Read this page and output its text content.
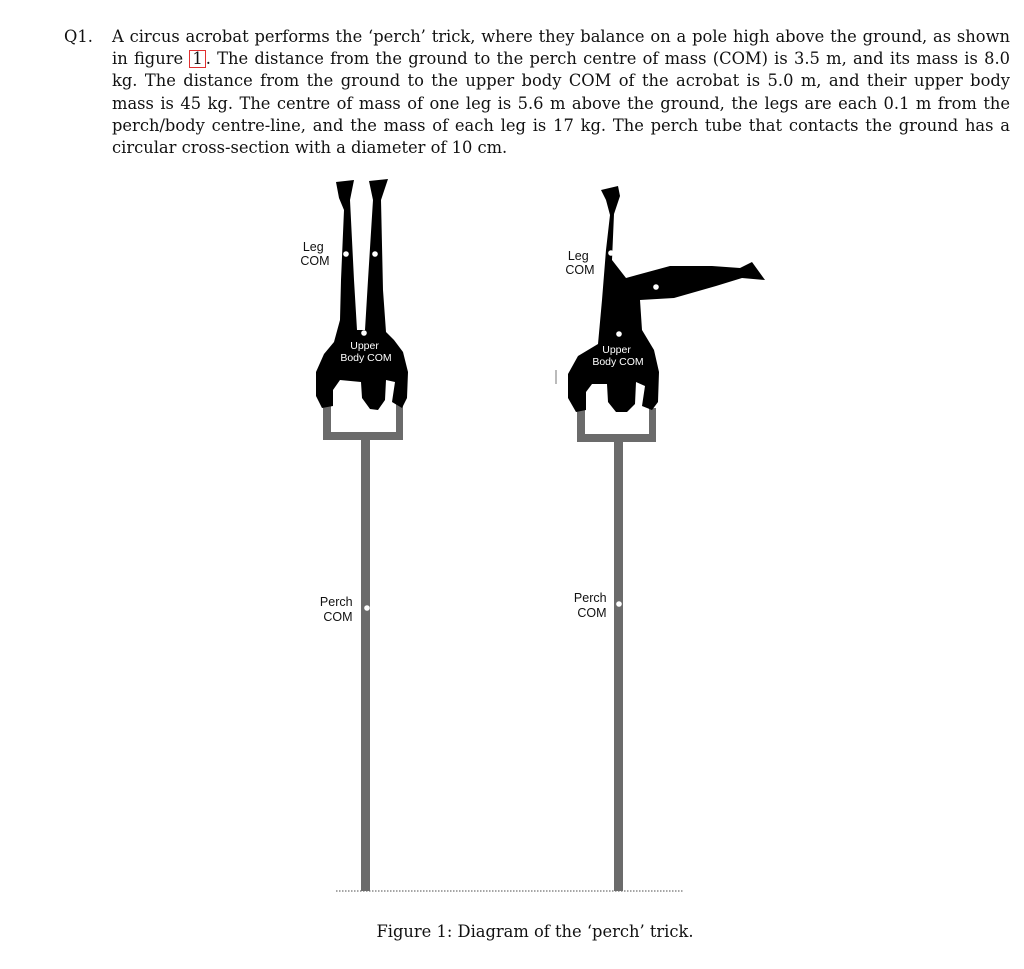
Q1. A circus acrobat performs the ‘perch’ trick, where they balance on a pole high above the ground, as shown in figure 1 . The distance from the ground to the perch centre of mass (COM) is 3.5 m, and its mass is 8.0 kg. The distance from the ground to the upper body COM of the acrobat is 5.0 m, and their upper body mass is 45 kg. The centre of mass of one leg is 5.6 m above the ground, the legs are each 0.1 m from the perch/body centre-line, and the mass of each leg is 17 kg. The perch tube that contacts the ground has a circular cross-section with a diameter of 10 cm.
Leg COM
Upper Body COM
Perch COM
Leg COM
Upper Body COM
Perch COM
Figure 1: Diagram of the ‘perch’ trick.
